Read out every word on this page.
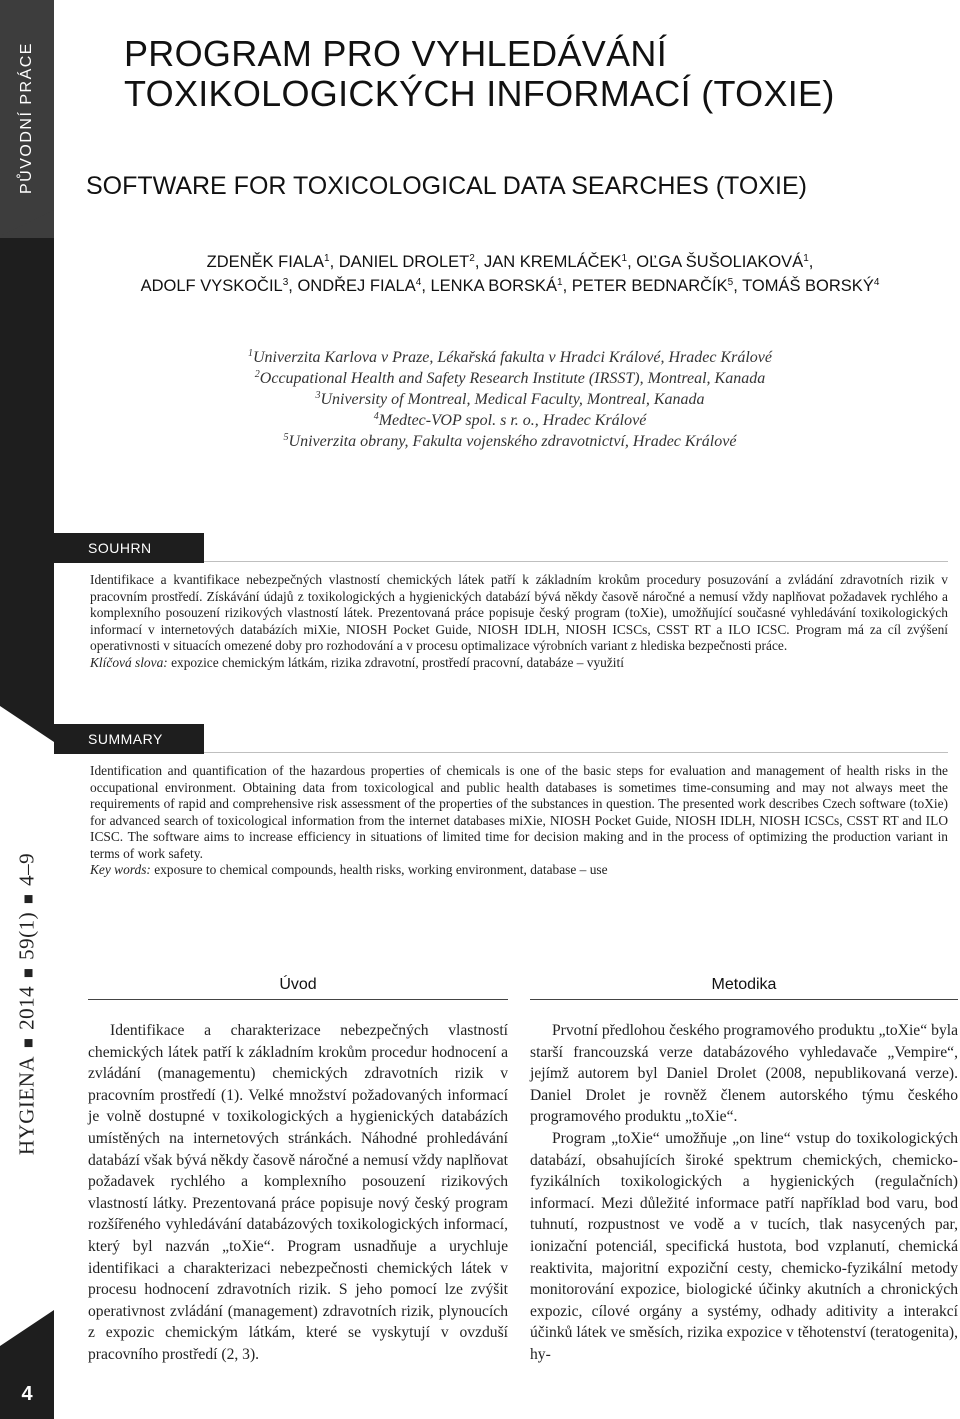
PŮVODNÍ PRÁCE
HYGIENA201459(1)4–9
4
PROGRAM PRO VYHLEDÁVÁNÍ
TOXIKOLOGICKÝCH INFORMACÍ (TOXIE)
SOFTWARE FOR TOXICOLOGICAL DATA SEARCHES (TOXIE)
ZDENĚK FIALA$^1$, DANIEL DROLET$^2$, JAN KREMLÁČEK$^1$, OĽGA ŠUŠOLIAKOVÁ$^1$,
ADOLF VYSKOČIL$^3$, ONDŘEJ FIALA$^4$, LENKA BORSKÁ$^1$, PETER BEDNARČÍK$^5$, TOMÁŠ BORSKÝ$^4$
$^1$Univerzita Karlova v Praze, Lékařská fakulta v Hradci Králové, Hradec Králové
$^2$Occupational Health and Safety Research Institute (IRSST), Montreal, Kanada
$^3$University of Montreal, Medical Faculty, Montreal, Kanada
$^4$Medtec-VOP spol. s r. o., Hradec Králové
$^5$Univerzita obrany, Fakulta vojenského zdravotnictví, Hradec Králové
SOUHRN
Identifikace a kvantifikace nebezpečných vlastností chemických látek patří k základním krokům procedury posuzování a zvládání zdravotních rizik v pracovním prostředí. Získávání údajů z toxikologických a hygienických databází bývá někdy časově náročné a nemusí vždy naplňovat požadavek rychlého a komplexního posouzení rizikových vlastností látek. Prezentovaná práce popisuje český program (toXie), umožňující současné vyhledávání toxikologických informací v internetových databázích miXie, NIOSH Pocket Guide, NIOSH IDLH, NIOSH ICSCs, CSST RT a ILO ICSC. Program má za cíl zvýšení operativnosti v situacích omezené doby pro rozhodování a v procesu optimalizace výrobních variant z hlediska bezpečnosti práce.
Klíčová slova: expozice chemickým látkám, rizika zdravotní, prostředí pracovní, databáze – využití
SUMMARY
Identification and quantification of the hazardous properties of chemicals is one of the basic steps for evaluation and management of health risks in the occupational environment. Obtaining data from toxicological and public health databases is sometimes time-consuming and may not always meet the requirements of rapid and comprehensive risk assessment of the properties of the substances in question. The presented work describes Czech software (toXie) for advanced search of toxicological information from the internet databases miXie, NIOSH Pocket Guide, NIOSH IDLH, NIOSH ICSCs, CSST RT and ILO ICSC. The software aims to increase efficiency in situations of limited time for decision making and in the process of optimizing the production variant in terms of work safety.
Key words: exposure to chemical compounds, health risks, working environment, database – use
Úvod

Identifikace a charakterizace nebezpečných vlastností chemických látek patří k základním krokům procedur hodnocení a zvládání (managementu) chemických zdravotních rizik v pracovním prostředí (1). Velké množství požadovaných informací je volně dostupné v toxikologických a hygienických databázích umístěných na internetových stránkách. Náhodné prohledávání databází však bývá někdy časově náročné a nemusí vždy naplňovat požadavek rychlého a komplexního posouzení rizikových vlastností látky. Prezentovaná práce popisuje nový český program rozšířeného vyhledávání databázových toxikologických informací, který byl nazván „toXie“. Program usnadňuje a urychluje identifikaci a charakterizaci nebezpečnosti chemických látek v procesu hodnocení zdravotních rizik. S jeho pomocí lze zvýšit operativnost zvládání (management) zdravotních rizik, plynoucích z expozic chemickým látkám, které se vyskytují v ovzduší pracovního prostředí (2, 3).

Metodika

Prvotní předlohou českého programového produktu „toXie“ byla starší francouzská verze databázového vyhledavače „Vempire“, jejímž autorem byl Daniel Drolet (2008, nepublikovaná verze). Daniel Drolet je rovněž členem autorského týmu českého programového produktu „toXie“.

Program „toXie“ umožňuje „on line“ vstup do toxikologických databází, obsahujících široké spektrum chemických, chemicko-fyzikálních toxikologických a hygienických (regulačních) informací. Mezi důležité informace patří například bod varu, bod tuhnutí, rozpustnost ve vodě a v tucích, tlak nasycených par, ionizační potenciál, specifická hustota, bod vzplanutí, chemická reaktivita, majoritní expoziční cesty, chemicko-fyzikální metody monitorování expozice, biologické účinky akutních a chronických expozic, cílové orgány a systémy, odhady aditivity a interakcí účinků látek ve směsích, rizika expozice v těhotenství (teratogenita), hy-
